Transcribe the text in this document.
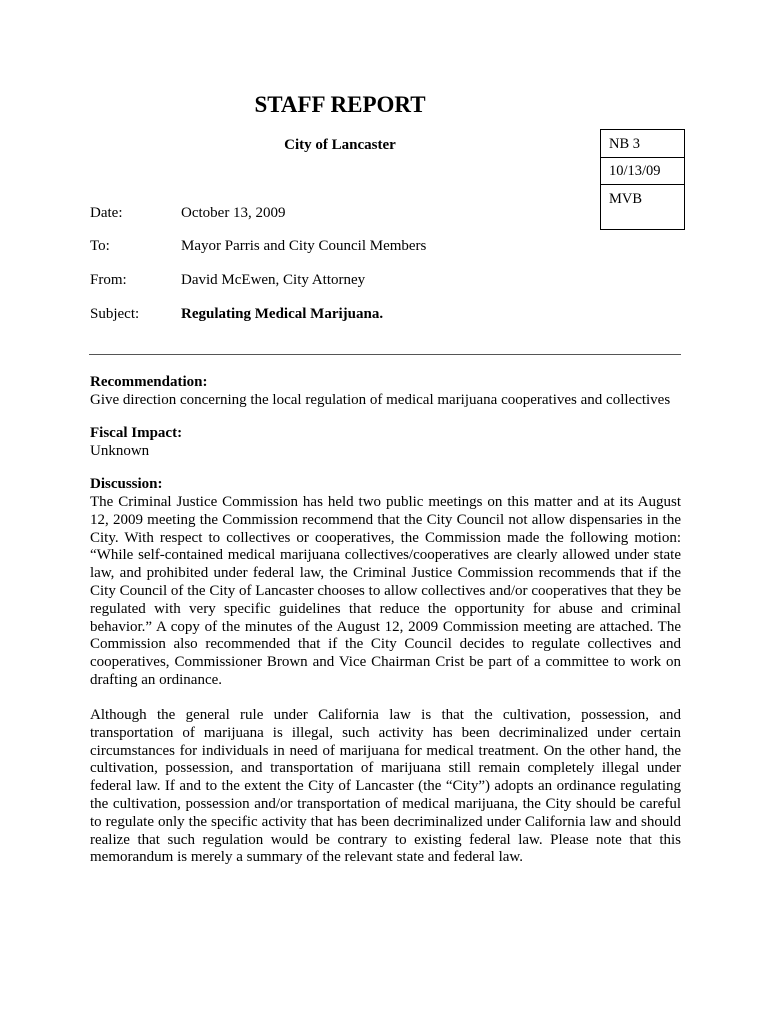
STAFF REPORT
City of Lancaster	NB 3
10/13/09
MVB
Date:	October 13, 2009
To:	Mayor Parris and City Council Members
From:	David McEwen, City Attorney
Subject:	Regulating Medical Marijuana.
Recommendation:
Give direction concerning the local regulation of medical marijuana cooperatives and collectives
Fiscal Impact:
Unknown
Discussion:
The Criminal Justice Commission has held two public meetings on this matter and at its August 12, 2009 meeting the Commission recommend that the City Council not allow dispensaries in the City. With respect to collectives or cooperatives, the Commission made the following motion: “While self-contained medical marijuana collectives/cooperatives are clearly allowed under state law, and prohibited under federal law, the Criminal Justice Commission recommends that if the City Council of the City of Lancaster chooses to allow collectives and/or cooperatives that they be regulated with very specific guidelines that reduce the opportunity for abuse and criminal behavior.” A copy of the minutes of the August 12, 2009 Commission meeting are attached. The Commission also recommended that if the City Council decides to regulate collectives and cooperatives, Commissioner Brown and Vice Chairman Crist be part of a committee to work on drafting an ordinance.
Although the general rule under California law is that the cultivation, possession, and transportation of marijuana is illegal, such activity has been decriminalized under certain circumstances for individuals in need of marijuana for medical treatment. On the other hand, the cultivation, possession, and transportation of marijuana still remain completely illegal under federal law. If and to the extent the City of Lancaster (the “City”) adopts an ordinance regulating the cultivation, possession and/or transportation of medical marijuana, the City should be careful to regulate only the specific activity that has been decriminalized under California law and should realize that such regulation would be contrary to existing federal law. Please note that this memorandum is merely a summary of the relevant state and federal law.
